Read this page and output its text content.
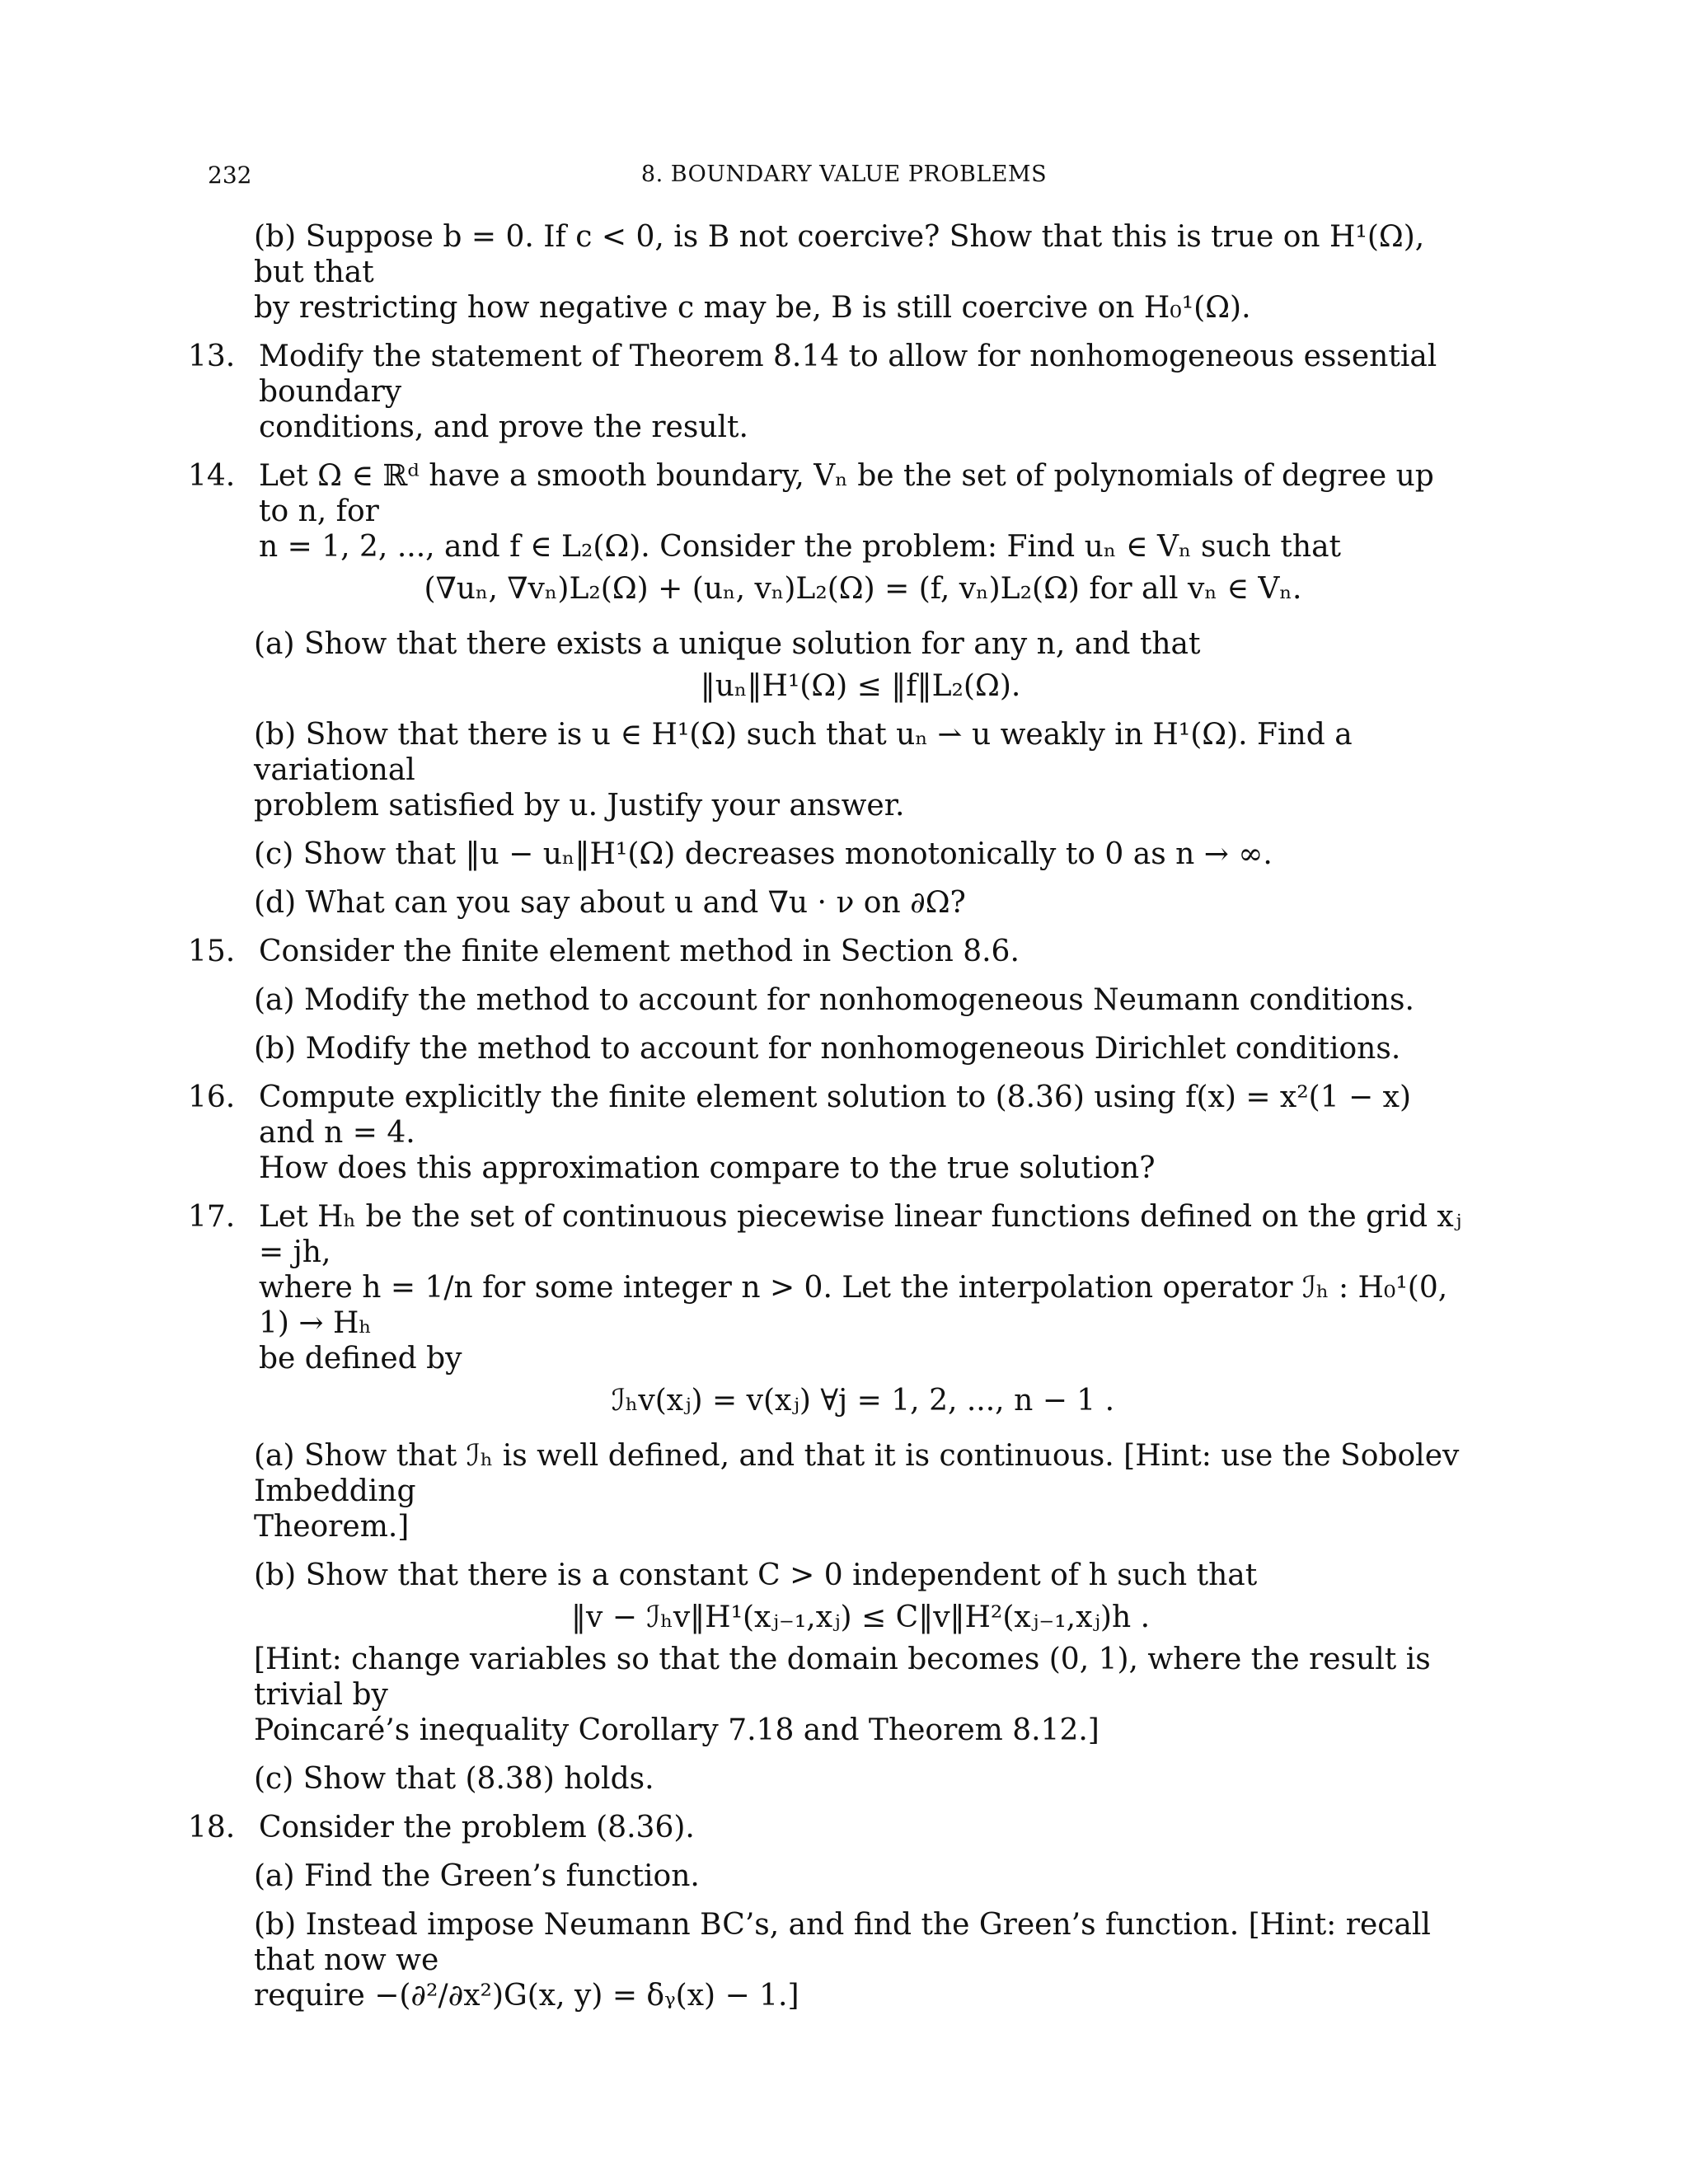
232	8. BOUNDARY VALUE PROBLEMS

(b) Suppose b = 0. If c < 0, is B not coercive? Show that this is true on H¹(Ω), but that

by restricting how negative c may be, B is still coercive on H₀¹(Ω).

13. Modify the statement of Theorem 8.14 to allow for nonhomogeneous essential boundary

conditions, and prove the result.

14. Let Ω ∈ ℝᵈ have a smooth boundary, Vₙ be the set of polynomials of degree up to n, for

n = 1, 2, ..., and f ∈ L₂(Ω). Consider the problem: Find uₙ ∈ Vₙ such that

(∇uₙ, ∇vₙ)L₂(Ω) + (uₙ, vₙ)L₂(Ω) = (f, vₙ)L₂(Ω) for all vₙ ∈ Vₙ.

(a) Show that there exists a unique solution for any n, and that

‖uₙ‖H¹(Ω) ≤ ‖f‖L₂(Ω).

(b) Show that there is u ∈ H¹(Ω) such that uₙ ⇀ u weakly in H¹(Ω). Find a variational

problem satisfied by u. Justify your answer.

(c) Show that ‖u − uₙ‖H¹(Ω) decreases monotonically to 0 as n → ∞.

(d) What can you say about u and ∇u · ν on ∂Ω?

15. Consider the finite element method in Section 8.6.

(a) Modify the method to account for nonhomogeneous Neumann conditions.

(b) Modify the method to account for nonhomogeneous Dirichlet conditions.

16. Compute explicitly the finite element solution to (8.36) using f(x) = x²(1 − x) and n = 4.

How does this approximation compare to the true solution?

17. Let Hₕ be the set of continuous piecewise linear functions defined on the grid xⱼ = jh,

where h = 1/n for some integer n > 0. Let the interpolation operator ℐₕ : H₀¹(0, 1) → Hₕ

be defined by

ℐₕv(xⱼ) = v(xⱼ) ∀j = 1, 2, ..., n − 1 .

(a) Show that ℐₕ is well defined, and that it is continuous. [Hint: use the Sobolev Imbedding

Theorem.]

(b) Show that there is a constant C > 0 independent of h such that

‖v − ℐₕv‖H¹(xⱼ₋₁,xⱼ) ≤ C‖v‖H²(xⱼ₋₁,xⱼ)h .

[Hint: change variables so that the domain becomes (0, 1), where the result is trivial by

Poincaré’s inequality Corollary 7.18 and Theorem 8.12.]

(c) Show that (8.38) holds.

18. Consider the problem (8.36).

(a) Find the Green’s function.

(b) Instead impose Neumann BC’s, and find the Green’s function. [Hint: recall that now we

require −(∂²/∂x²)G(x, y) = δᵧ(x) − 1.]
